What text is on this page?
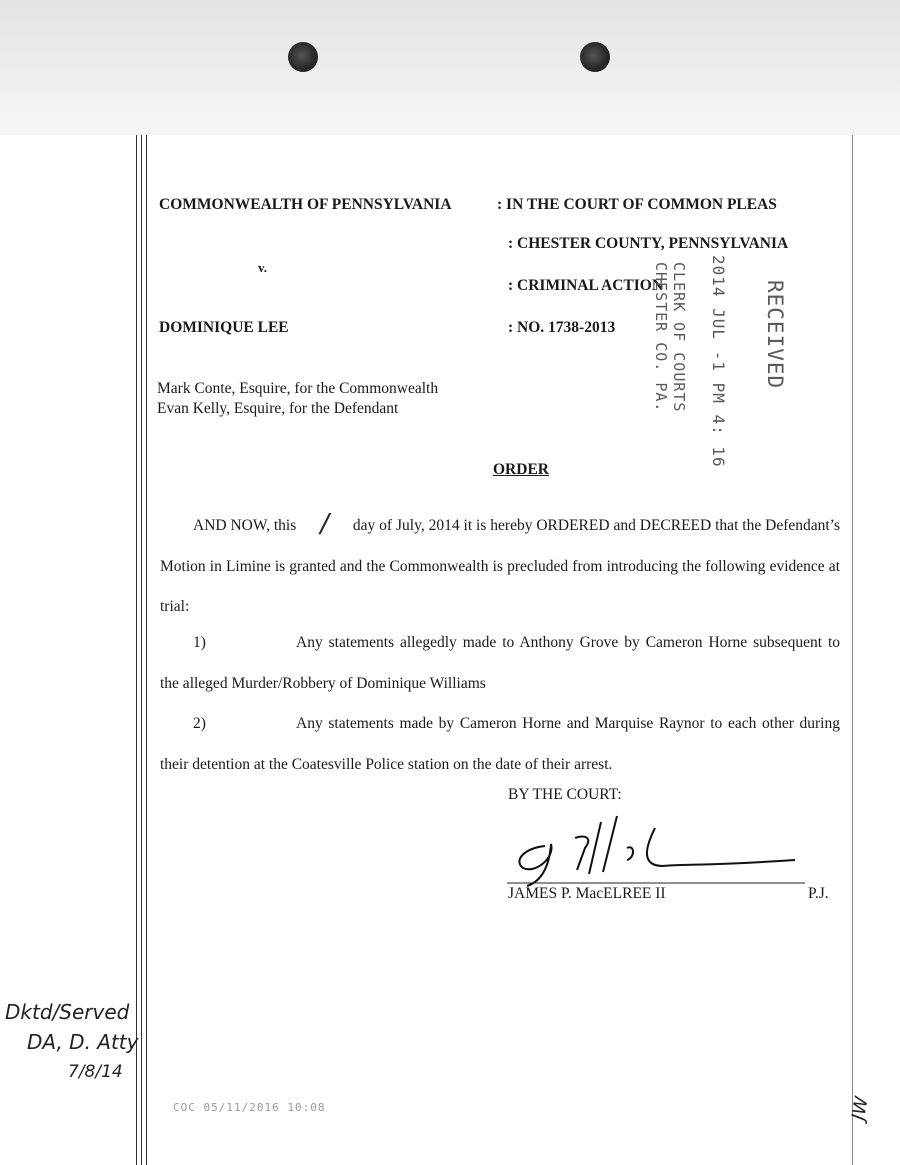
COMMONWEALTH OF PENNSYLVANIA	: IN THE COURT OF COMMON PLEAS
: CHESTER COUNTY, PENNSYLVANIA
v.
: CRIMINAL ACTION
DOMINIQUE LEE	: NO. 1738-2013
Mark Conte, Esquire, for the Commonwealth
Evan Kelly, Esquire, for the Defendant
RECEIVED
2014 JUL -1 PM 4: 16
CLERK OF COURTS
CHESTER CO. PA.
ORDER
AND NOW, this / day of July, 2014 it is hereby ORDERED and DECREED that the Defendant’s Motion in Limine is granted and the Commonwealth is precluded from introducing the following evidence at trial:
1)	Any statements allegedly made to Anthony Grove by Cameron Horne subsequent to the alleged Murder/Robbery of Dominique Williams
2)	Any statements made by Cameron Horne and Marquise Raynor to each other during their detention at the Coatesville Police station on the date of their arrest.
BY THE COURT:
JAMES P. MacELREE II	P.J.
Dktd/Served
DA, D. Atty
7/8/14
JW
COC 05/11/2016 10:08
